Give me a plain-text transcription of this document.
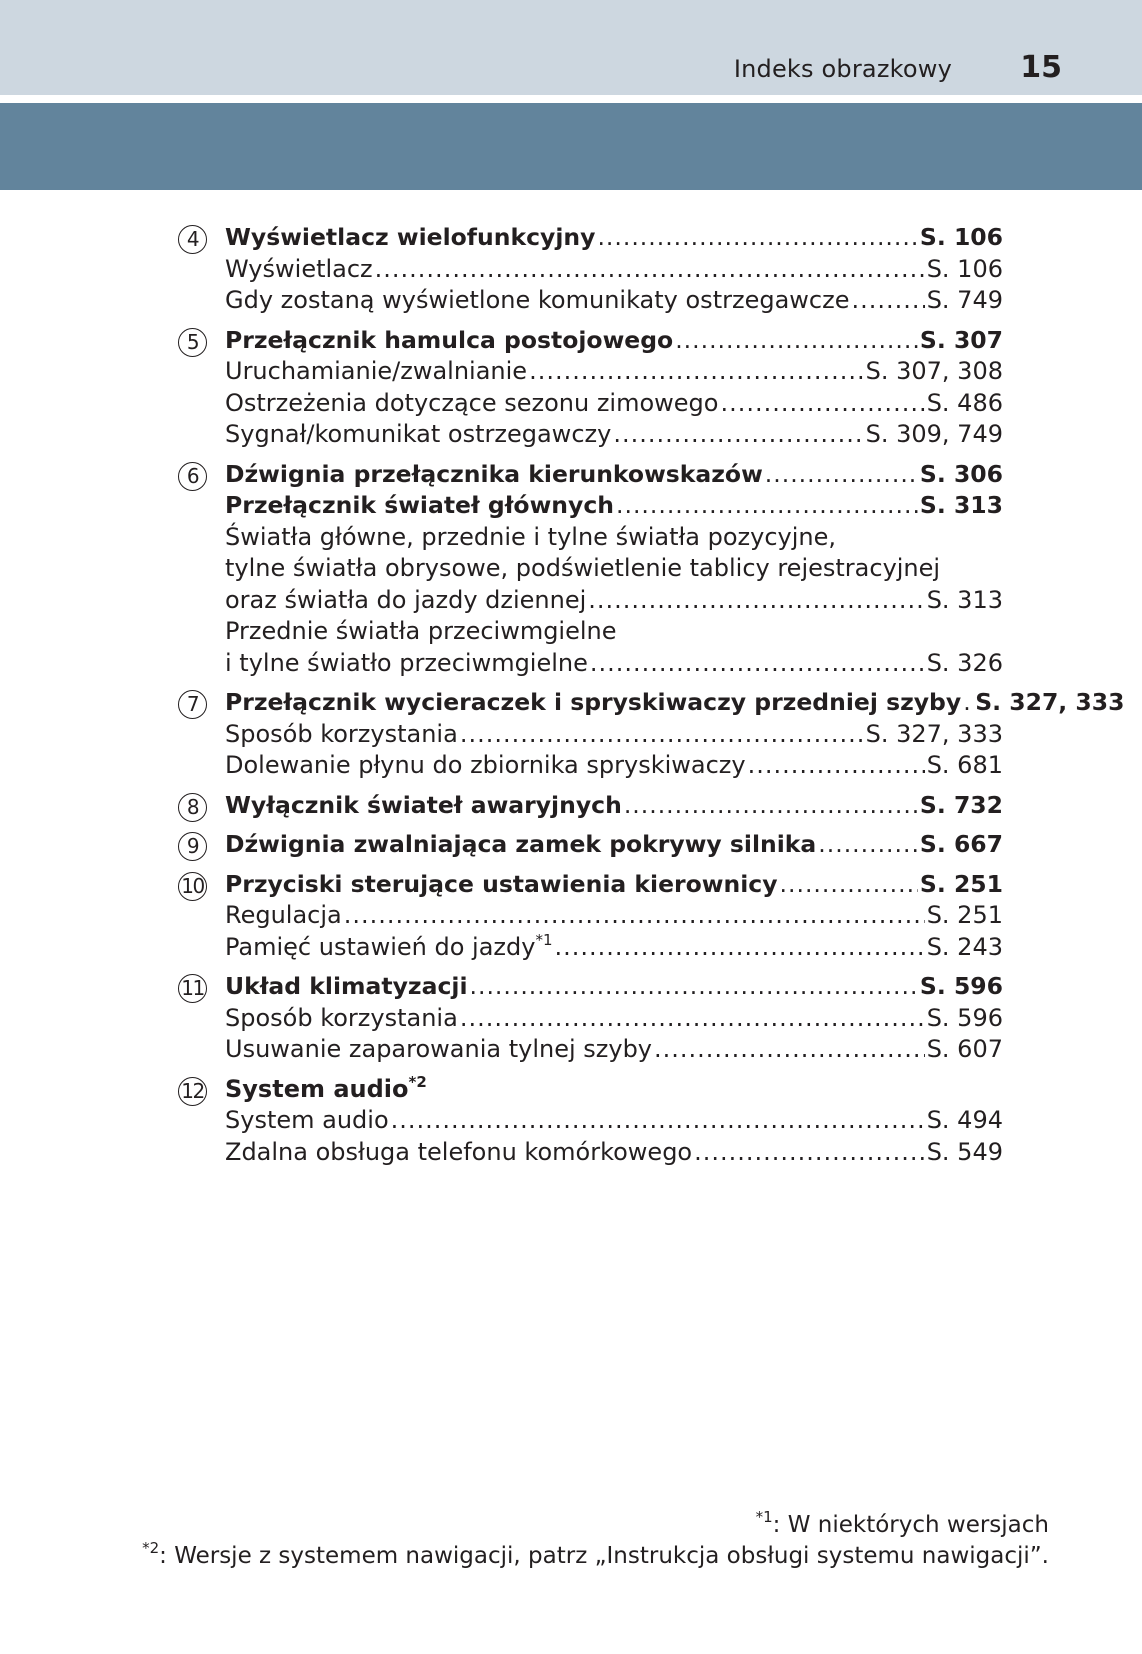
Indeks obrazkowy 15
4	Wyświetlacz wielofunkcyjny .....	S. 106
Wyświetlacz .....	S. 106
Gdy zostaną wyświetlone komunikaty ostrzegawcze .....	S. 749
5	Przełącznik hamulca postojowego .....	S. 307
Uruchamianie/zwalnianie .....	S. 307, 308
Ostrzeżenia dotyczące sezonu zimowego .....	S. 486
Sygnał/komunikat ostrzegawczy .....	S. 309, 749
6	Dźwignia przełącznika kierunkowskazów .....	S. 306
Przełącznik świateł głównych .....	S. 313
Światła główne, przednie i tylne światła pozycyjne,
tylne światła obrysowe, podświetlenie tablicy rejestracyjnej
oraz światła do jazdy dziennej .....	S. 313
Przednie światła przeciwmgielne
i tylne światło przeciwmgielne .....	S. 326
7	Przełącznik wycieraczek i spryskiwaczy przedniej szyby ..... S. 327, 333
Sposób korzystania .....	S. 327, 333
Dolewanie płynu do zbiornika spryskiwaczy .....	S. 681
8	Wyłącznik świateł awaryjnych .....	S. 732
9	Dźwignia zwalniająca zamek pokrywy silnika .....	S. 667
10 Przyciski sterujące ustawienia kierownicy .....	S. 251
Regulacja .....	S. 251
Pamięć ustawień do jazdy$^{*1}$ .....	S. 243
11 Układ klimatyzacji .....	S. 596
Sposób korzystania .....	S. 596
Usuwanie zaparowania tylnej szyby .....	S. 607
12 System audio$^{*2}$
System audio .....	S. 494
Zdalna obsługa telefonu komórkowego .....	S. 549
$^{*1}$: W niektórych wersjach
$^{*2}$: Wersje z systemem nawigacji, patrz „Instrukcja obsługi systemu nawigacji”.
